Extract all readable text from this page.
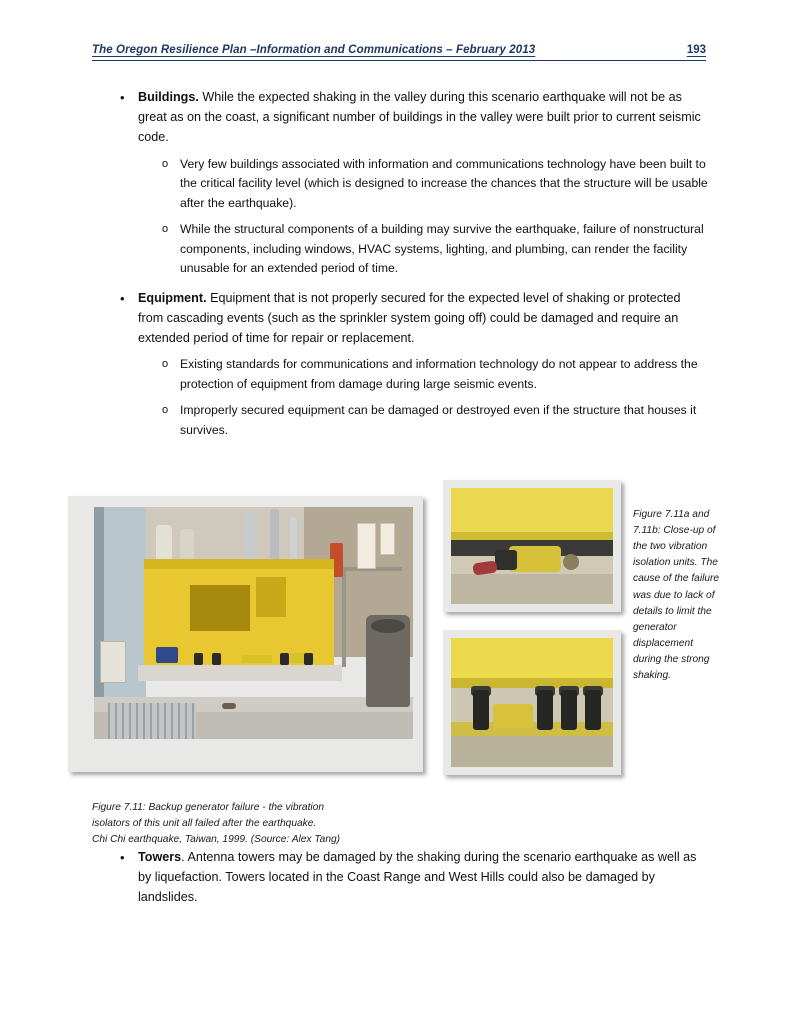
The Oregon Resilience Plan –Information and Communications – February 2013	193
• Buildings. While the expected shaking in the valley during this scenario earthquake will not be as great as on the coast, a significant number of buildings in the valley were built prior to current seismic code.
o Very few buildings associated with information and communications technology have been built to the critical facility level (which is designed to increase the chances that the structure will be usable after the earthquake).
o While the structural components of a building may survive the earthquake, failure of nonstructural components, including windows, HVAC systems, lighting, and plumbing, can render the facility unusable for an extended period of time.
• Equipment. Equipment that is not properly secured for the expected level of shaking or protected from cascading events (such as the sprinkler system going off) could be damaged and require an extended period of time for repair or replacement.
o Existing standards for communications and information technology do not appear to address the protection of equipment from damage during large seismic events.
o Improperly secured equipment can be damaged or destroyed even if the structure that houses it survives.
Figure 7.11a and 7.11b: Close-up of the two vibration isolation units. The cause of the failure was due to lack of details to limit the generator displacement during the strong shaking.
Figure 7.11: Backup generator failure - the vibration
isolators of this unit all failed after the earthquake.
Chi Chi earthquake, Taiwan, 1999. (Source: Alex Tang)
• Towers. Antenna towers may be damaged by the shaking during the scenario earthquake as well as by liquefaction. Towers located in the Coast Range and West Hills could also be damaged by landslides.
